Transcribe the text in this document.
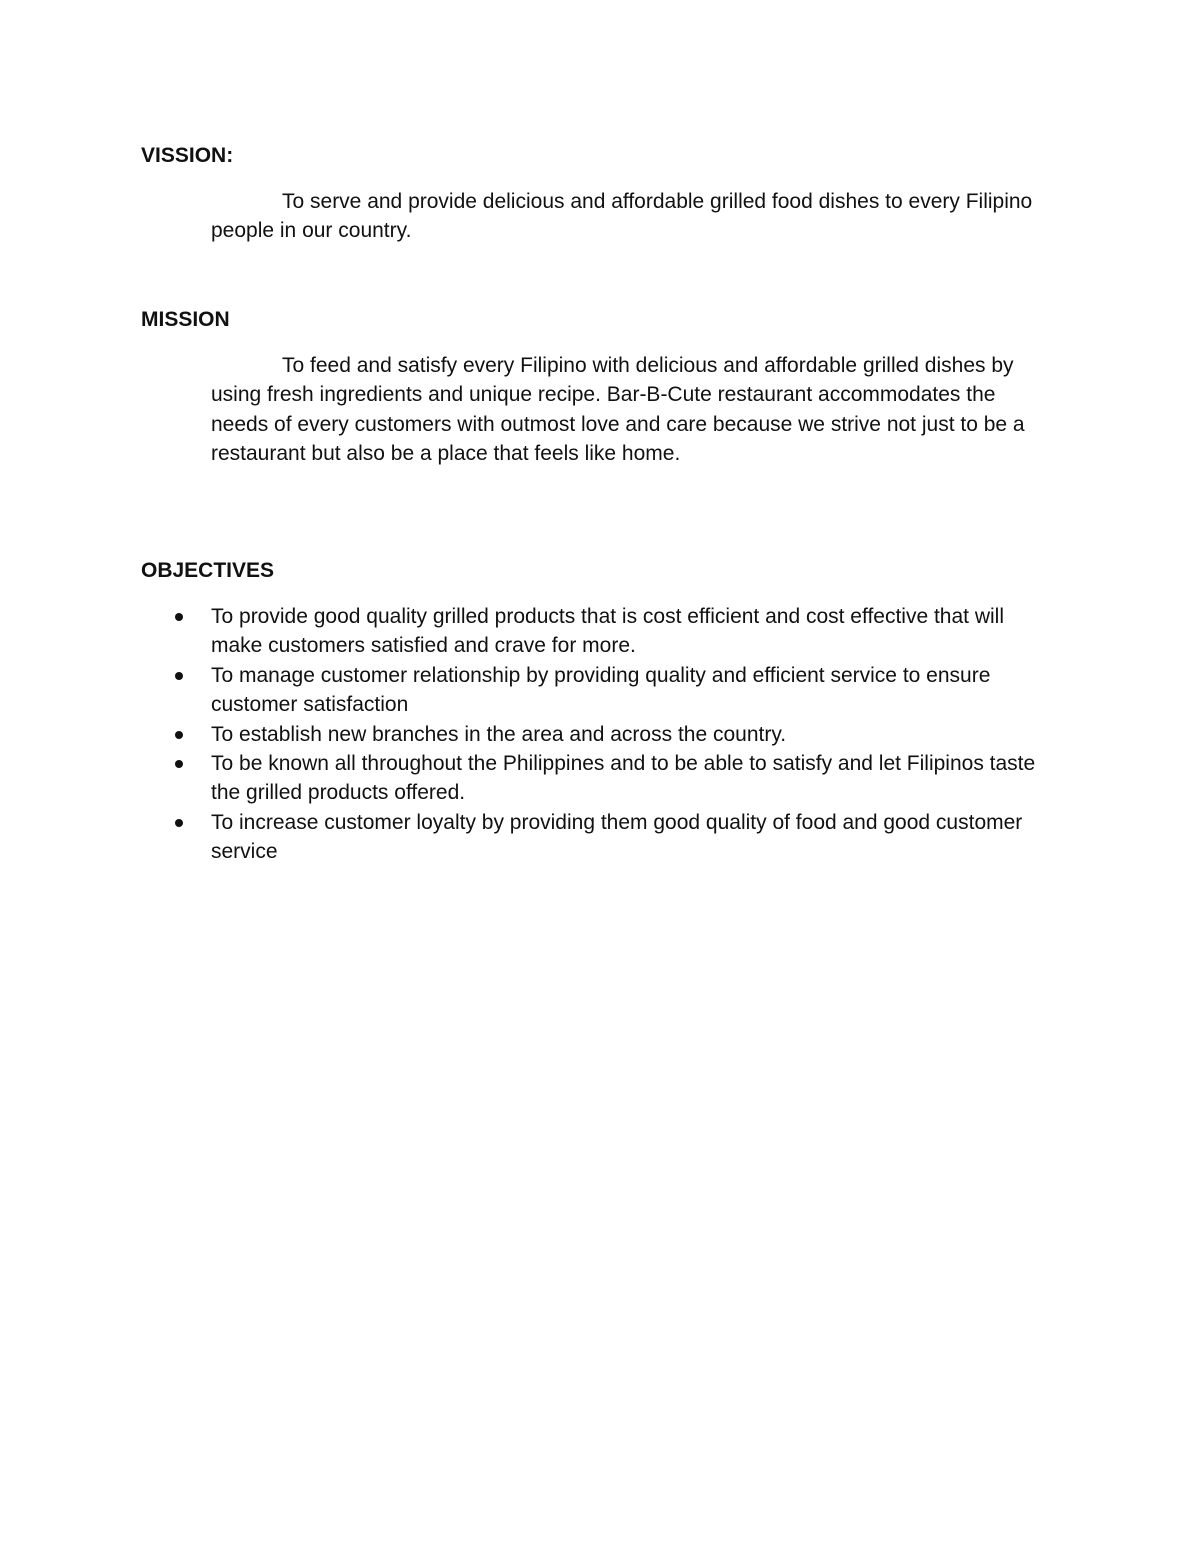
VISSION:

To serve and provide delicious and affordable grilled food dishes to every Filipino people in our country.

MISSION

To feed and satisfy every Filipino with delicious and affordable grilled dishes by using fresh ingredients and unique recipe. Bar-B-Cute restaurant accommodates the needs of every customers with outmost love and care because we strive not just to be a restaurant but also be a place that feels like home.

OBJECTIVES
To provide good quality grilled products that is cost efficient and cost effective that will make customers satisfied and crave for more.
To manage customer relationship by providing quality and efficient service to ensure customer satisfaction
To establish new branches in the area and across the country.
To be known all throughout the Philippines and to be able to satisfy and let Filipinos taste the grilled products offered.
To increase customer loyalty by providing them good quality of food and good customer service
